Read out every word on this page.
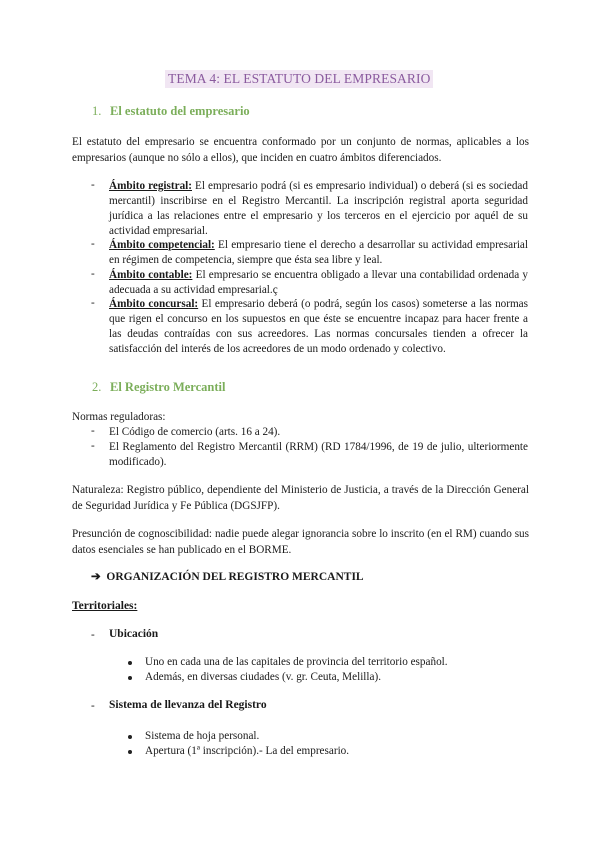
TEMA 4: EL ESTATUTO DEL EMPRESARIO
1. El estatuto del empresario
El estatuto del empresario se encuentra conformado por un conjunto de normas, aplicables a los empresarios (aunque no sólo a ellos), que inciden en cuatro ámbitos diferenciados.
- Ámbito registral: El empresario podrá (si es empresario individual) o deberá (si es sociedad mercantil) inscribirse en el Registro Mercantil. La inscripción registral aporta seguridad jurídica a las relaciones entre el empresario y los terceros en el ejercicio por aquél de su actividad empresarial.
- Ámbito competencial: El empresario tiene el derecho a desarrollar su actividad empresarial en régimen de competencia, siempre que ésta sea libre y leal.
- Ámbito contable: El empresario se encuentra obligado a llevar una contabilidad ordenada y adecuada a su actividad empresarial.ç
- Ámbito concursal: El empresario deberá (o podrá, según los casos) someterse a las normas que rigen el concurso en los supuestos en que éste se encuentre incapaz para hacer frente a las deudas contraídas con sus acreedores. Las normas concursales tienden a ofrecer la satisfacción del interés de los acreedores de un modo ordenado y colectivo.
2. El Registro Mercantil
Normas reguladoras:
- El Código de comercio (arts. 16 a 24).
- El Reglamento del Registro Mercantil (RRM) (RD 1784/1996, de 19 de julio, ulteriormente modificado).
Naturaleza: Registro público, dependiente del Ministerio de Justicia, a través de la Dirección General de Seguridad Jurídica y Fe Pública (DGSJFP).
Presunción de cognoscibilidad: nadie puede alegar ignorancia sobre lo inscrito (en el RM) cuando sus datos esenciales se han publicado en el BORME.
➔ ORGANIZACIÓN DEL REGISTRO MERCANTIL
Territoriales:
- Ubicación
Uno en cada una de las capitales de provincia del territorio español.
Además, en diversas ciudades (v. gr. Ceuta, Melilla).
- Sistema de llevanza del Registro
Sistema de hoja personal.
Apertura (1ª inscripción).- La del empresario.
